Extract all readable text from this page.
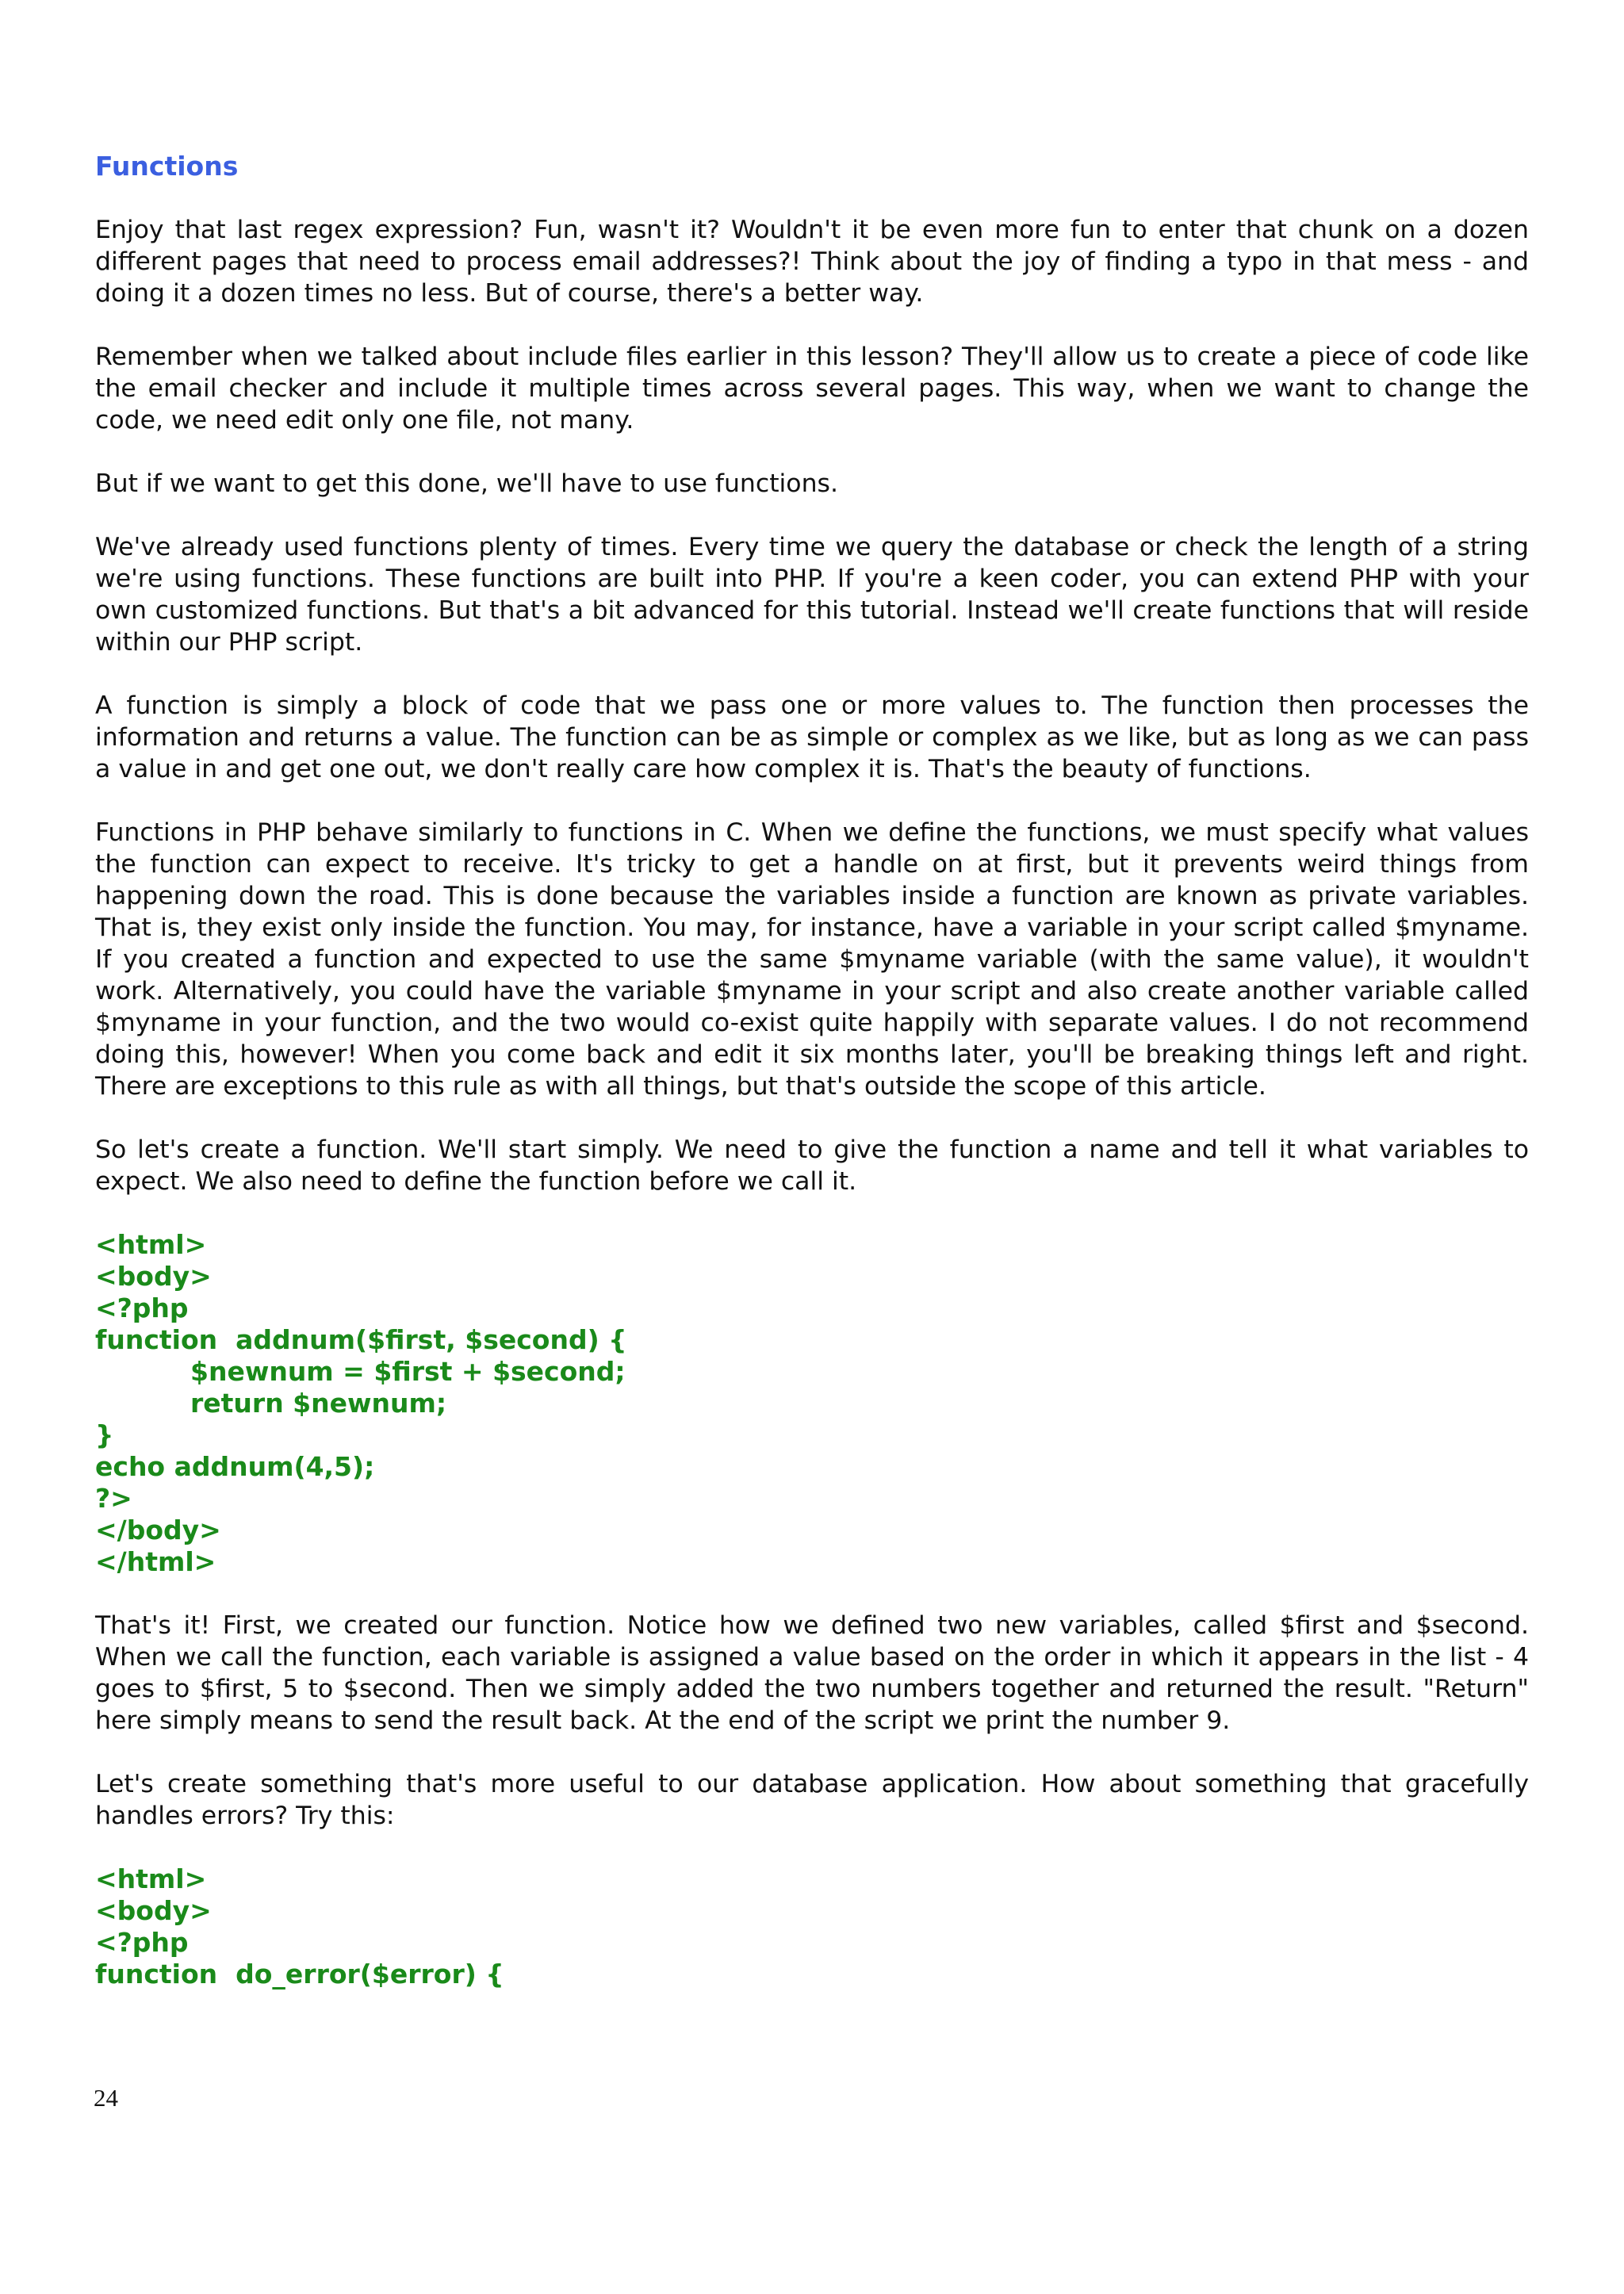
Functions

Enjoy that last regex expression? Fun, wasn't it? Wouldn't it be even more fun to enter that chunk on a dozen different pages that need to process email addresses?! Think about the joy of finding a typo in that mess - and doing it a dozen times no less. But of course, there's a better way.

Remember when we talked about include files earlier in this lesson? They'll allow us to create a piece of code like the email checker and include it multiple times across several pages. This way, when we want to change the code, we need edit only one file, not many.

But if we want to get this done, we'll have to use functions.

We've already used functions plenty of times. Every time we query the database or check the length of a string we're using functions. These functions are built into PHP. If you're a keen coder, you can extend PHP with your own customized functions. But that's a bit advanced for this tutorial. Instead we'll create functions that will reside within our PHP script.

A function is simply a block of code that we pass one or more values to. The function then processes the information and returns a value. The function can be as simple or complex as we like, but as long as we can pass a value in and get one out, we don't really care how complex it is. That's the beauty of functions.

Functions in PHP behave similarly to functions in C. When we define the functions, we must specify what values the function can expect to receive. It's tricky to get a handle on at first, but it prevents weird things from happening down the road. This is done because the variables inside a function are known as private variables. That is, they exist only inside the function. You may, for instance, have a variable in your script called $myname. If you created a function and expected to use the same $myname variable (with the same value), it wouldn't work. Alternatively, you could have the variable $myname in your script and also create another variable called $myname in your function, and the two would co-exist quite happily with separate values. I do not recommend doing this, however! When you come back and edit it six months later, you'll be breaking things left and right. There are exceptions to this rule as with all things, but that's outside the scope of this article.

So let's create a function. We'll start simply. We need to give the function a name and tell it what variables to expect. We also need to define the function before we call it.

<html>
<body>
<?php
function  addnum($first, $second) {
$newnum = $first + $second;
return $newnum;
}
echo addnum(4,5);
?>
</body>
</html>

That's it! First, we created our function. Notice how we defined two new variables, called $first and $second. When we call the function, each variable is assigned a value based on the order in which it appears in the list - 4 goes to $first, 5 to $second. Then we simply added the two numbers together and returned the result. "Return" here simply means to send the result back. At the end of the script we print the number 9.

Let's create something that's more useful to our database application. How about something that gracefully handles errors? Try this:

<html>
<body>
<?php
function  do_error($error) {
24
